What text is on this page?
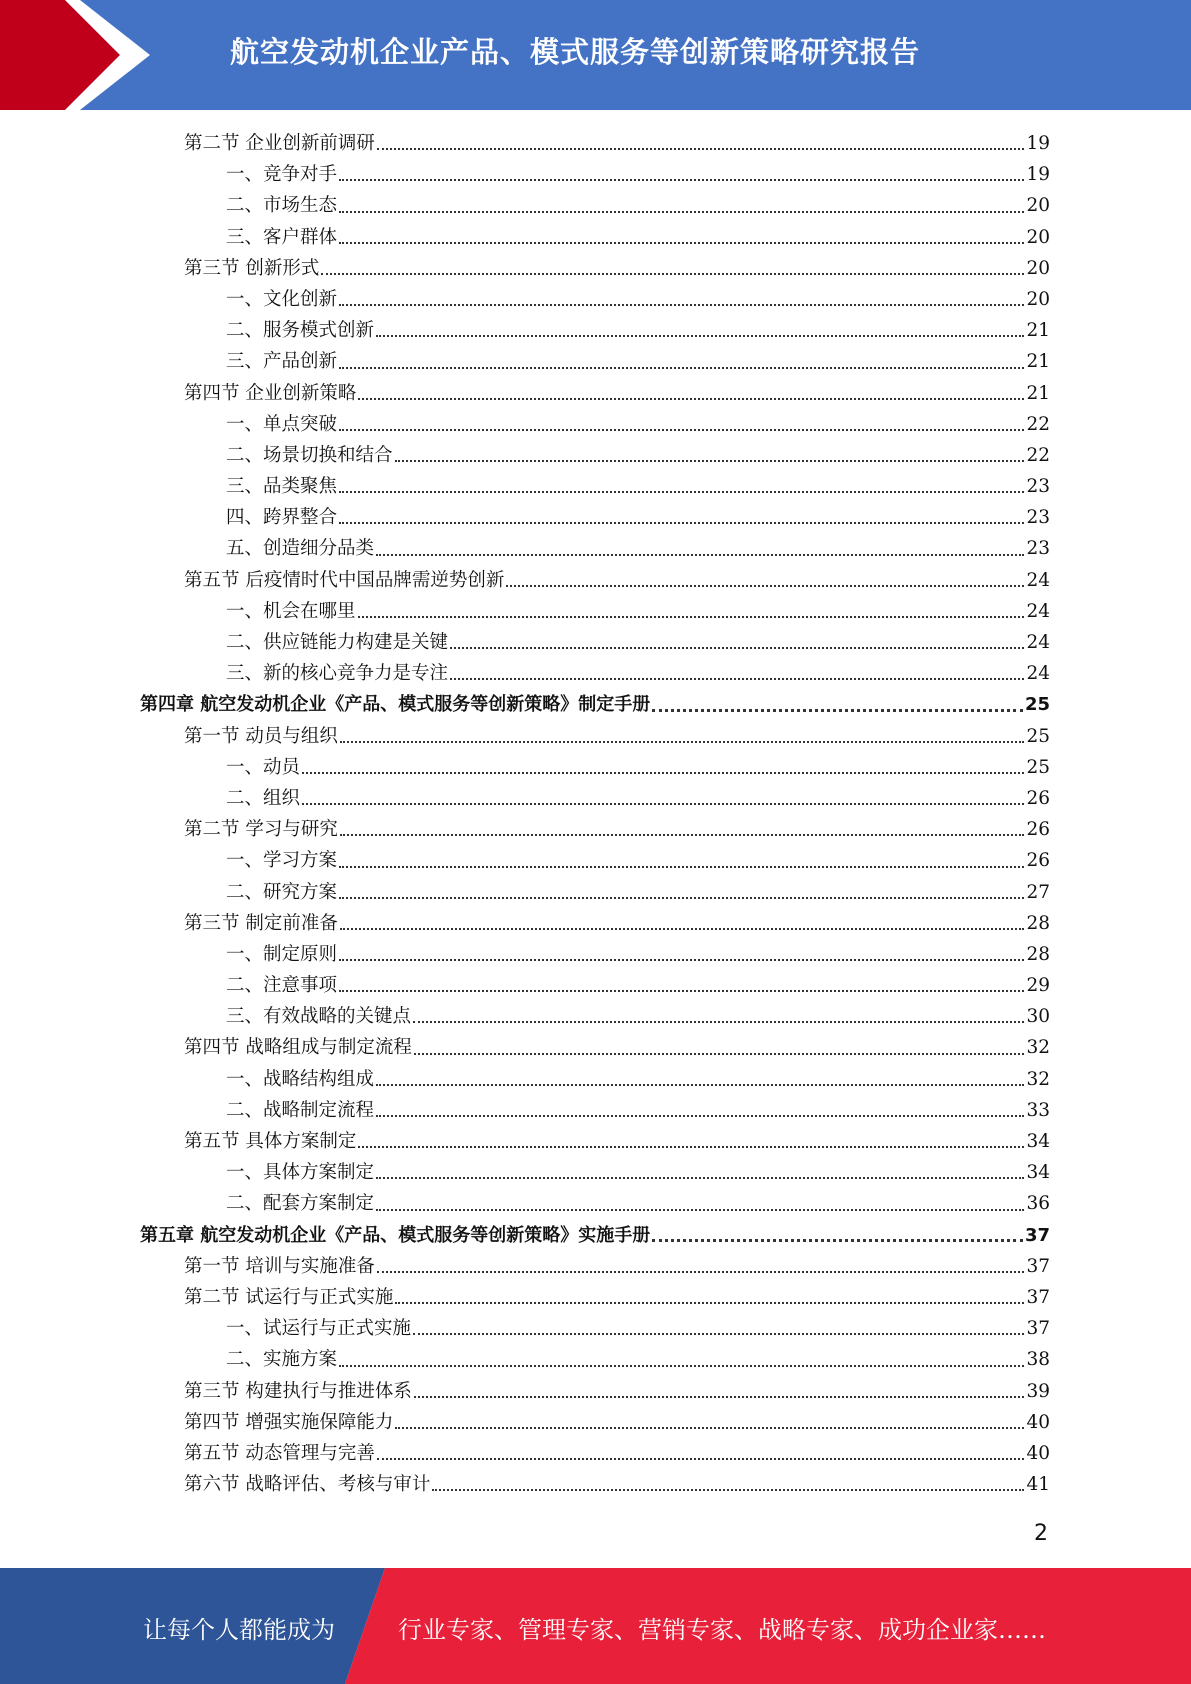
航空发动机企业产品、模式服务等创新策略研究报告
第二节 企业创新前调研	19
一、竞争对手	19
二、市场生态	20
三、客户群体	20
第三节 创新形式	20
一、文化创新	20
二、服务模式创新	21
三、产品创新	21
第四节 企业创新策略	21
一、单点突破	22
二、场景切换和结合	22
三、品类聚焦	23
四、跨界整合	23
五、创造细分品类	23
第五节 后疫情时代中国品牌需逆势创新	24
一、机会在哪里	24
二、供应链能力构建是关键	24
三、新的核心竞争力是专注	24
第四章 航空发动机企业《产品、模式服务等创新策略》制定手册	25
第一节 动员与组织	25
一、动员	25
二、组织	26
第二节 学习与研究	26
一、学习方案	26
二、研究方案	27
第三节 制定前准备	28
一、制定原则	28
二、注意事项	29
三、有效战略的关键点	30
第四节 战略组成与制定流程	32
一、战略结构组成	32
二、战略制定流程	33
第五节 具体方案制定	34
一、具体方案制定	34
二、配套方案制定	36
第五章 航空发动机企业《产品、模式服务等创新策略》实施手册	37
第一节 培训与实施准备	37
第二节 试运行与正式实施	37
一、试运行与正式实施	37
二、实施方案	38
第三节 构建执行与推进体系	39
第四节 增强实施保障能力	40
第五节 动态管理与完善	40
第六节 战略评估、考核与审计	41
2
让每个人都能成为	行业专家、管理专家、营销专家、战略专家、成功企业家……
